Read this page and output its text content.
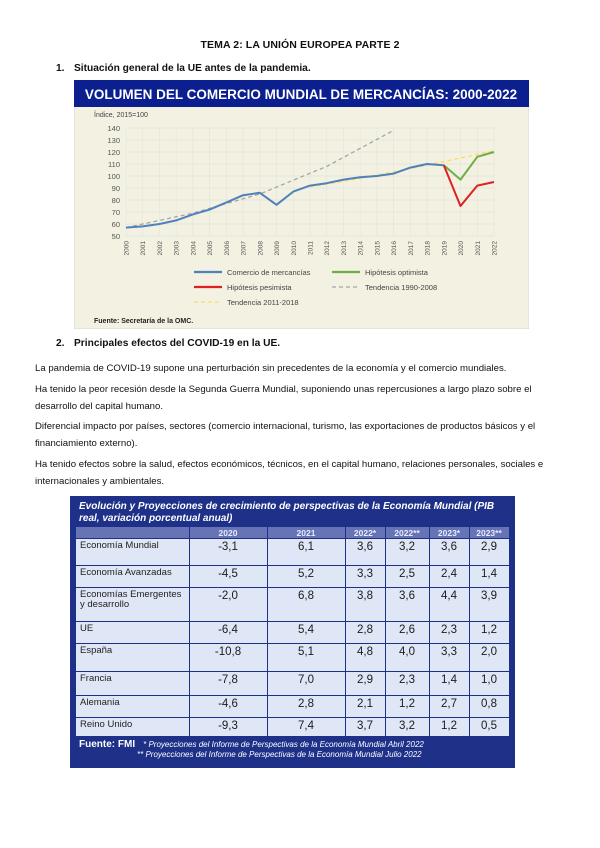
TEMA 2: LA UNIÓN EUROPEA PARTE 2
1. Situación general de la UE antes de la pandemia.
VOLUMEN DEL COMERCIO MUNDIAL DE MERCANCÍAS: 2000-2022
Índice, 2015=100
50
60
70
80
90
100
110
120
130
140
2000 2001 2002 2003 2004 2005 2006 2007 2008 2009 2010 2011 2012 2013 2014 2015 2016 2017 2018 2019 2020 2021 2022
Comercio de mercancías	Hipótesis optimista
Hipótesis pesimista	Tendencia 1990-2008
Tendencia 2011-2018
Fuente: Secretaría de la OMC.
2. Principales efectos del COVID-19 en la UE.
La pandemia de COVID-19 supone una perturbación sin precedentes de la economía y el comercio mundiales.
Ha tenido la peor recesión desde la Segunda Guerra Mundial, suponiendo unas repercusiones a largo plazo sobre el desarrollo del capital humano.
Diferencial impacto por países, sectores (comercio internacional, turismo, las exportaciones de productos básicos y el financiamiento externo).
Ha tenido efectos sobre la salud, efectos económicos, técnicos, en el capital humano, relaciones personales, sociales e internacionales y ambientales.
Evolución y Proyecciones de crecimiento de perspectivas de la Economía Mundial (PIB real, variación porcentual anual)
	2020	2021	2022*	2022**	2023*	2023**
Economía Mundial	-3,1	6,1	3,6	3,2	3,6	2,9
Economía Avanzadas	-4,5	5,2	3,3	2,5	2,4	1,4
Economías Emergentes y desarrollo	-2,0	6,8	3,8	3,6	4,4	3,9
UE	-6,4	5,4	2,8	2,6	2,3	1,2
España	-10,8	5,1	4,8	4,0	3,3	2,0
Francia	-7,8	7,0	2,9	2,3	1,4	1,0
Alemania	-4,6	2,8	2,1	1,2	2,7	0,8
Reino Unido	-9,3	7,4	3,7	3,2	1,2	0,5
Fuente: FMI * Proyecciones del Informe de Perspectivas de la Economía Mundial Abril 2022
** Proyecciones del Informe de Perspectivas de la Economía Mundial Julio 2022
